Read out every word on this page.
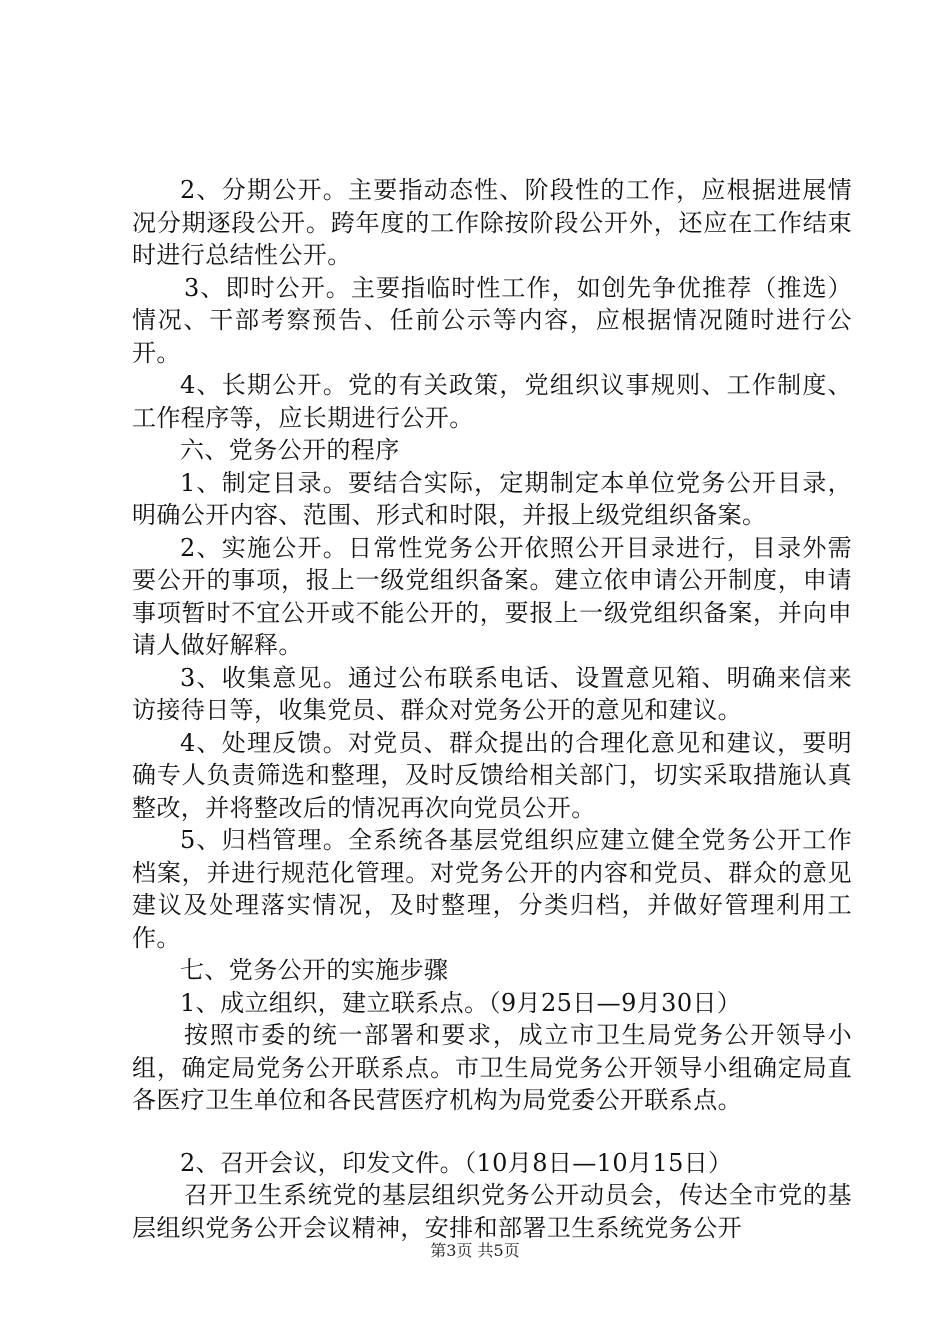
2、分期公开。主要指动态性、阶段性的工作，应根据进展情况分期逐段公开。跨年度的工作除按阶段公开外，还应在工作结束时进行总结性公开。

3、即时公开。主要指临时性工作，如创先争优推荐（推选）情况、干部考察预告、任前公示等内容，应根据情况随时进行公开。

4、长期公开。党的有关政策，党组织议事规则、工作制度、工作程序等，应长期进行公开。

六、党务公开的程序

1、制定目录。要结合实际，定期制定本单位党务公开目录，明确公开内容、范围、形式和时限，并报上级党组织备案。

2、实施公开。日常性党务公开依照公开目录进行，目录外需要公开的事项，报上一级党组织备案。建立依申请公开制度，申请事项暂时不宜公开或不能公开的，要报上一级党组织备案，并向申请人做好解释。

3、收集意见。通过公布联系电话、设置意见箱、明确来信来访接待日等，收集党员、群众对党务公开的意见和建议。

4、处理反馈。对党员、群众提出的合理化意见和建议，要明确专人负责筛选和整理，及时反馈给相关部门，切实采取措施认真整改，并将整改后的情况再次向党员公开。

5、归档管理。全系统各基层党组织应建立健全党务公开工作档案，并进行规范化管理。对党务公开的内容和党员、群众的意见建议及处理落实情况，及时整理，分类归档，并做好管理利用工作。

七、党务公开的实施步骤

1、成立组织，建立联系点。（9月25日—9月30日）

按照市委的统一部署和要求，成立市卫生局党务公开领导小组，确定局党务公开联系点。市卫生局党务公开领导小组确定局直各医疗卫生单位和各民营医疗机构为局党委公开联系点。

2、召开会议，印发文件。（10月8日—10月15日）

召开卫生系统党的基层组织党务公开动员会，传达全市党的基层组织党务公开会议精神，安排和部署卫生系统党务公开

第3页 共5页
